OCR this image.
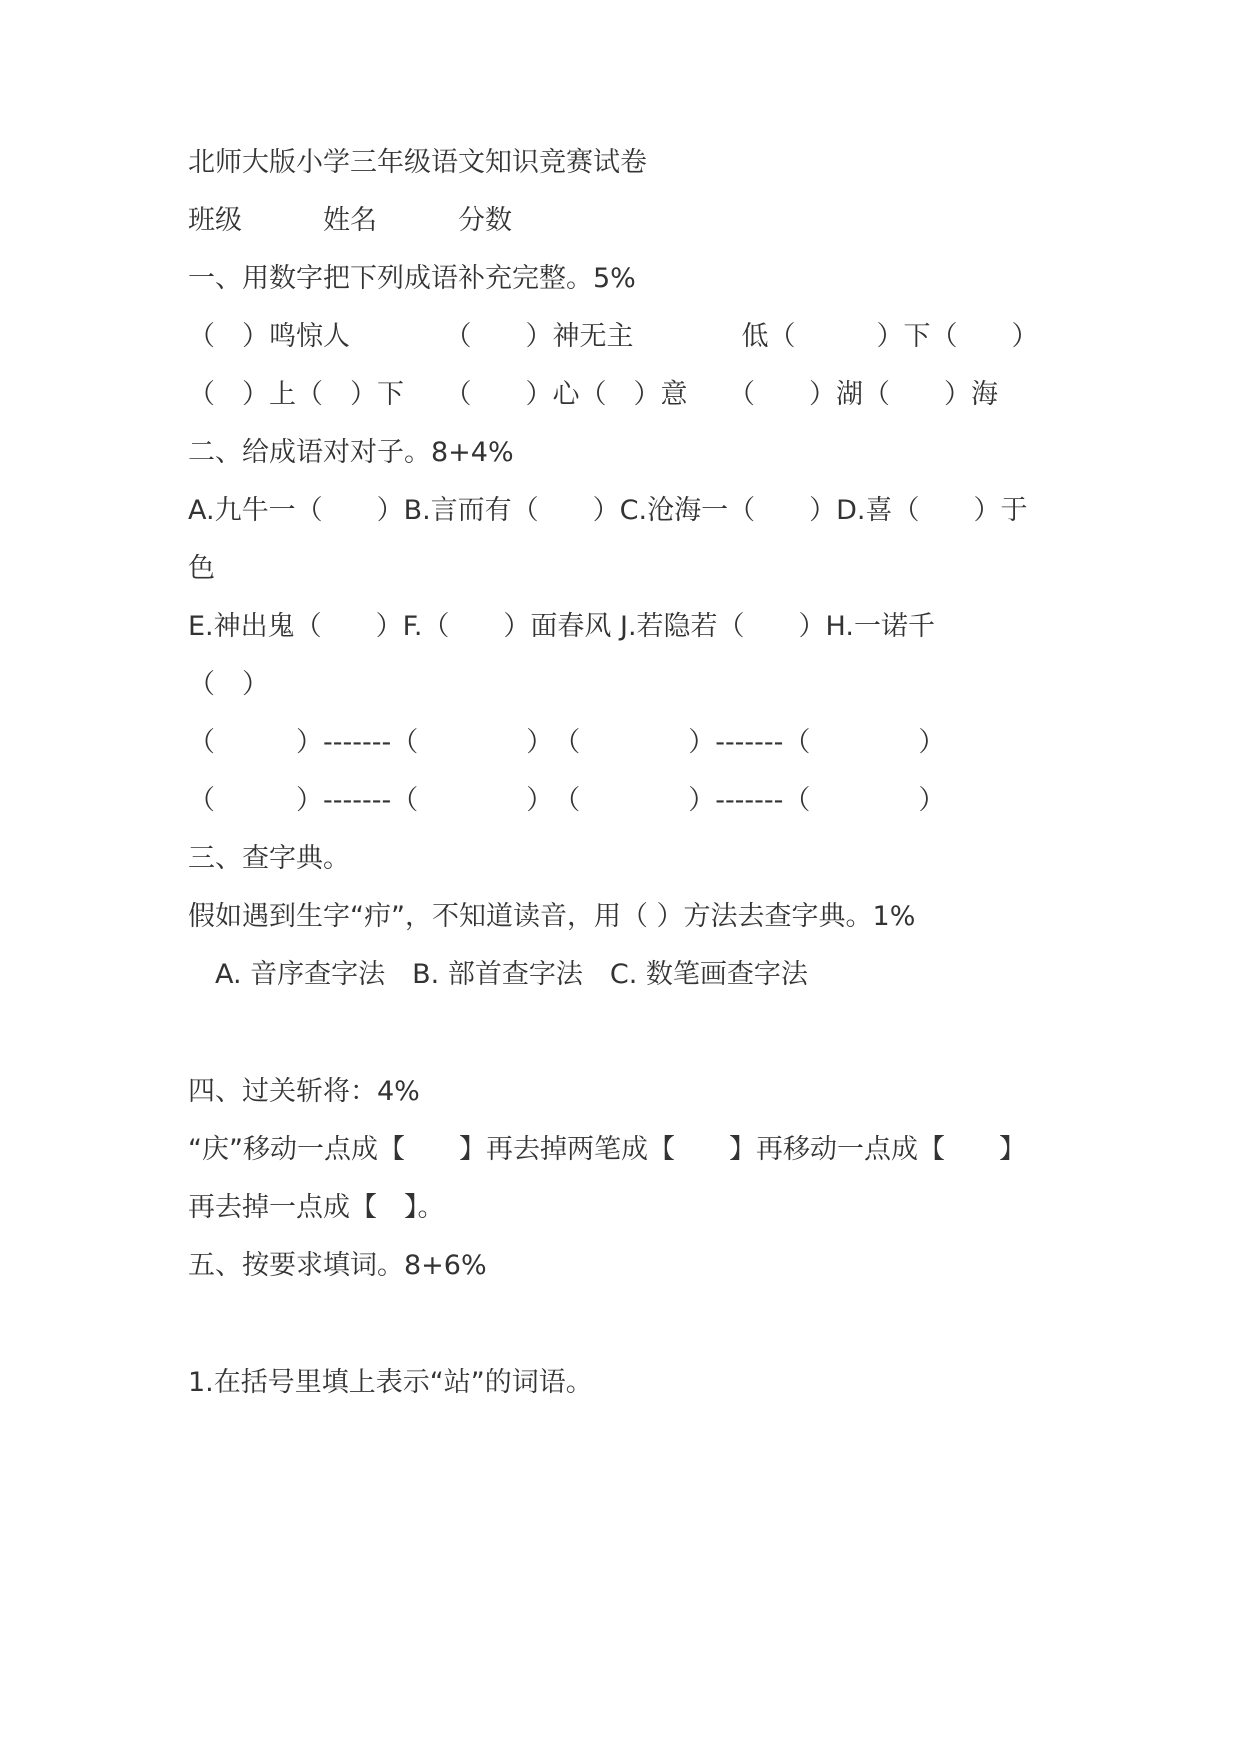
北师大版小学三年级语文知识竞赛试卷
班级　　　姓名　　　分数
一、用数字把下列成语补充完整。5%
（　）鸣惊人　　　　（　　）神无主　　　　低（　　　）下（　　）
（　）上（　）下　　（　　）心（　）意　　（　　）湖（　　）海
二、给成语对对子。8+4%
A.九牛一（　　）B.言而有（　　）C.沧海一（　　）D.喜（　　）于
色
E.神出鬼（　　）F.（　　）面春风 J.若隐若（　　）H.一诺千
（　）
（　　　）-------（　　　　）　（　　　　）-------（　　　　）
（　　　）-------（　　　　）　（　　　　）-------（　　　　）
三、查字典。
假如遇到生字“疖”，不知道读音，用（ ）方法去查字典。1%
　A. 音序查字法　B. 部首查字法　C. 数笔画查字法
四、过关斩将：4%
“庆”移动一点成【　　】再去掉两笔成【　　】再移动一点成【　　】
再去掉一点成【　】。
五、按要求填词。8+6%
1.在括号里填上表示“站”的词语。
